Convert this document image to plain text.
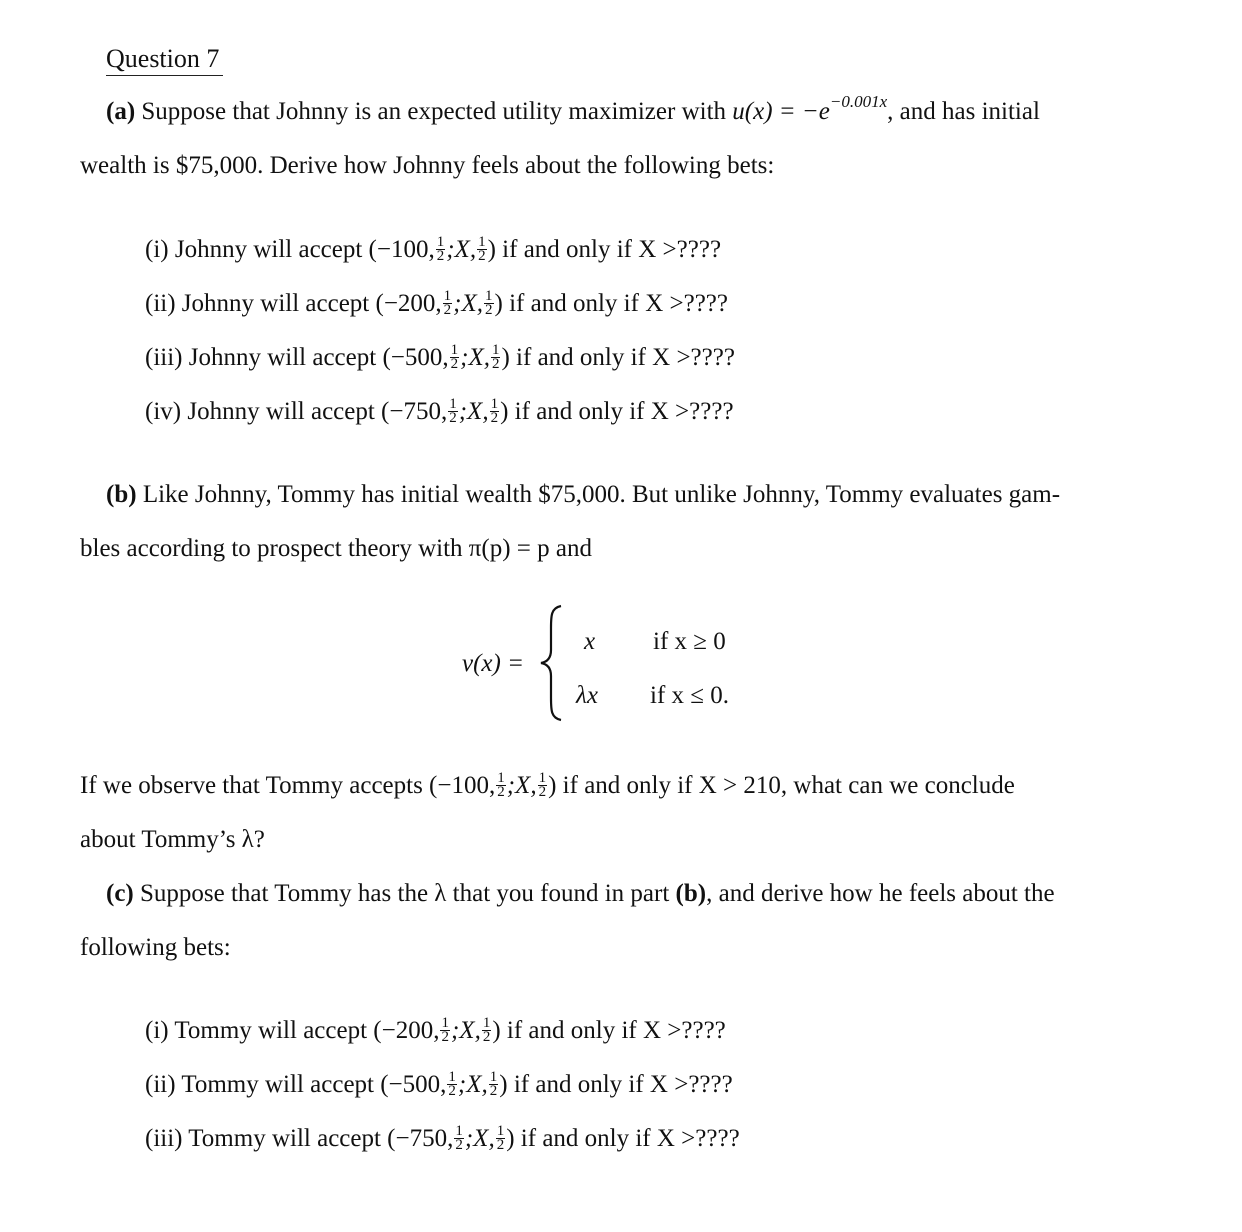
Question 7
(a) Suppose that Johnny is an expected utility maximizer with $u(x) = -e^{-0.001x}$, and has initial
wealth is $75,000. Derive how Johnny feels about the following bets:
(i) Johnny will accept (−100, $\frac{1}{2}$ ;X, $\frac{1}{2}$ ) if and only if X >????
(ii) Johnny will accept (−200, $\frac{1}{2}$ ;X, $\frac{1}{2}$ ) if and only if X >????
(iii) Johnny will accept (−500, $\frac{1}{2}$ ;X, $\frac{1}{2}$ ) if and only if X >????
(iv) Johnny will accept (−750, $\frac{1}{2}$ ;X, $\frac{1}{2}$ ) if and only if X >????
(b) Like Johnny, Tommy has initial wealth $75,000. But unlike Johnny, Tommy evaluates gam-
bles according to prospect theory with π(p) = p and
v(x) =
x if x ≥ 0
λx if x ≤ 0.
If we observe that Tommy accepts (−100, $\frac{1}{2}$ ;X, $\frac{1}{2}$ ) if and only if X > 210, what can we conclude
about Tommy’s λ?
(c) Suppose that Tommy has the λ that you found in part (b), and derive how he feels about the
following bets:
(i) Tommy will accept (−200, $\frac{1}{2}$ ;X, $\frac{1}{2}$ ) if and only if X >????
(ii) Tommy will accept (−500, $\frac{1}{2}$ ;X, $\frac{1}{2}$ ) if and only if X >????
(iii) Tommy will accept (−750, $\frac{1}{2}$ ;X, $\frac{1}{2}$ ) if and only if X >????
